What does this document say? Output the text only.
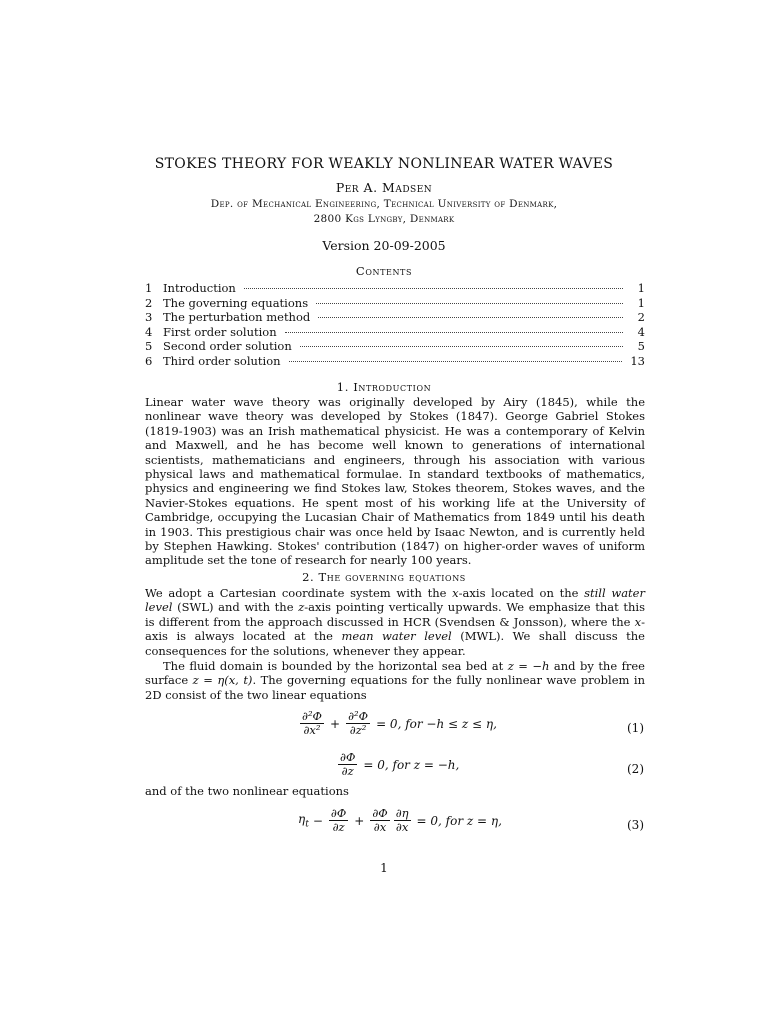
STOKES THEORY FOR WEAKLY NONLINEAR WATER WAVES
Per A. Madsen
Dep. of Mechanical Engineering, Technical University of Denmark,
2800 Kgs Lyngby, Denmark
Version 20-09-2005
Contents
1 Introduction	1
2 The governing equations	1
3 The perturbation method	2
4 First order solution	4
5 Second order solution	5
6 Third order solution	13
1. Introduction
Linear water wave theory was originally developed by Airy (1845), while the nonlinear wave theory was developed by Stokes (1847). George Gabriel Stokes (1819-1903) was an Irish mathematical physicist. He was a contemporary of Kelvin and Maxwell, and he has become well known to generations of international scientists, mathematicians and engineers, through his association with various physical laws and mathematical formulae. In standard textbooks of mathematics, physics and engineering we find Stokes law, Stokes theorem, Stokes waves, and the Navier-Stokes equations. He spent most of his working life at the University of Cambridge, occupying the Lucasian Chair of Mathematics from 1849 until his death in 1903. This prestigious chair was once held by Isaac Newton, and is currently held by Stephen Hawking. Stokes' contribution (1847) on higher-order waves of uniform amplitude set the tone of research for nearly 100 years.
2. The governing equations
We adopt a Cartesian coordinate system with the x-axis located on the still water level (SWL) and with the z-axis pointing vertically upwards. We emphasize that this is different from the approach discussed in HCR (Svendsen & Jonsson), where the x-axis is always located at the mean water level (MWL). We shall discuss the consequences for the solutions, whenever they appear.
The fluid domain is bounded by the horizontal sea bed at z = −h and by the free surface z = η(x, t). The governing equations for the fully nonlinear wave problem in 2D consist of the two linear equations
$\frac{\text{∂²Φ}}{\text{∂x²}} + \frac{\text{∂²Φ}}{\text{∂z²}} = 0$, for −h ≤ z ≤ η,	(1)
$\frac{\partial\Phi}{\partial z} = 0$, for z = −h,	(2)
and of the two nonlinear equations
$\eta_t - \frac{\partial\Phi}{\partial z} + \frac{\partial\Phi}{\partial x} \frac{\partial\eta}{\partial x} = 0$, for z = η,	(3)
1
